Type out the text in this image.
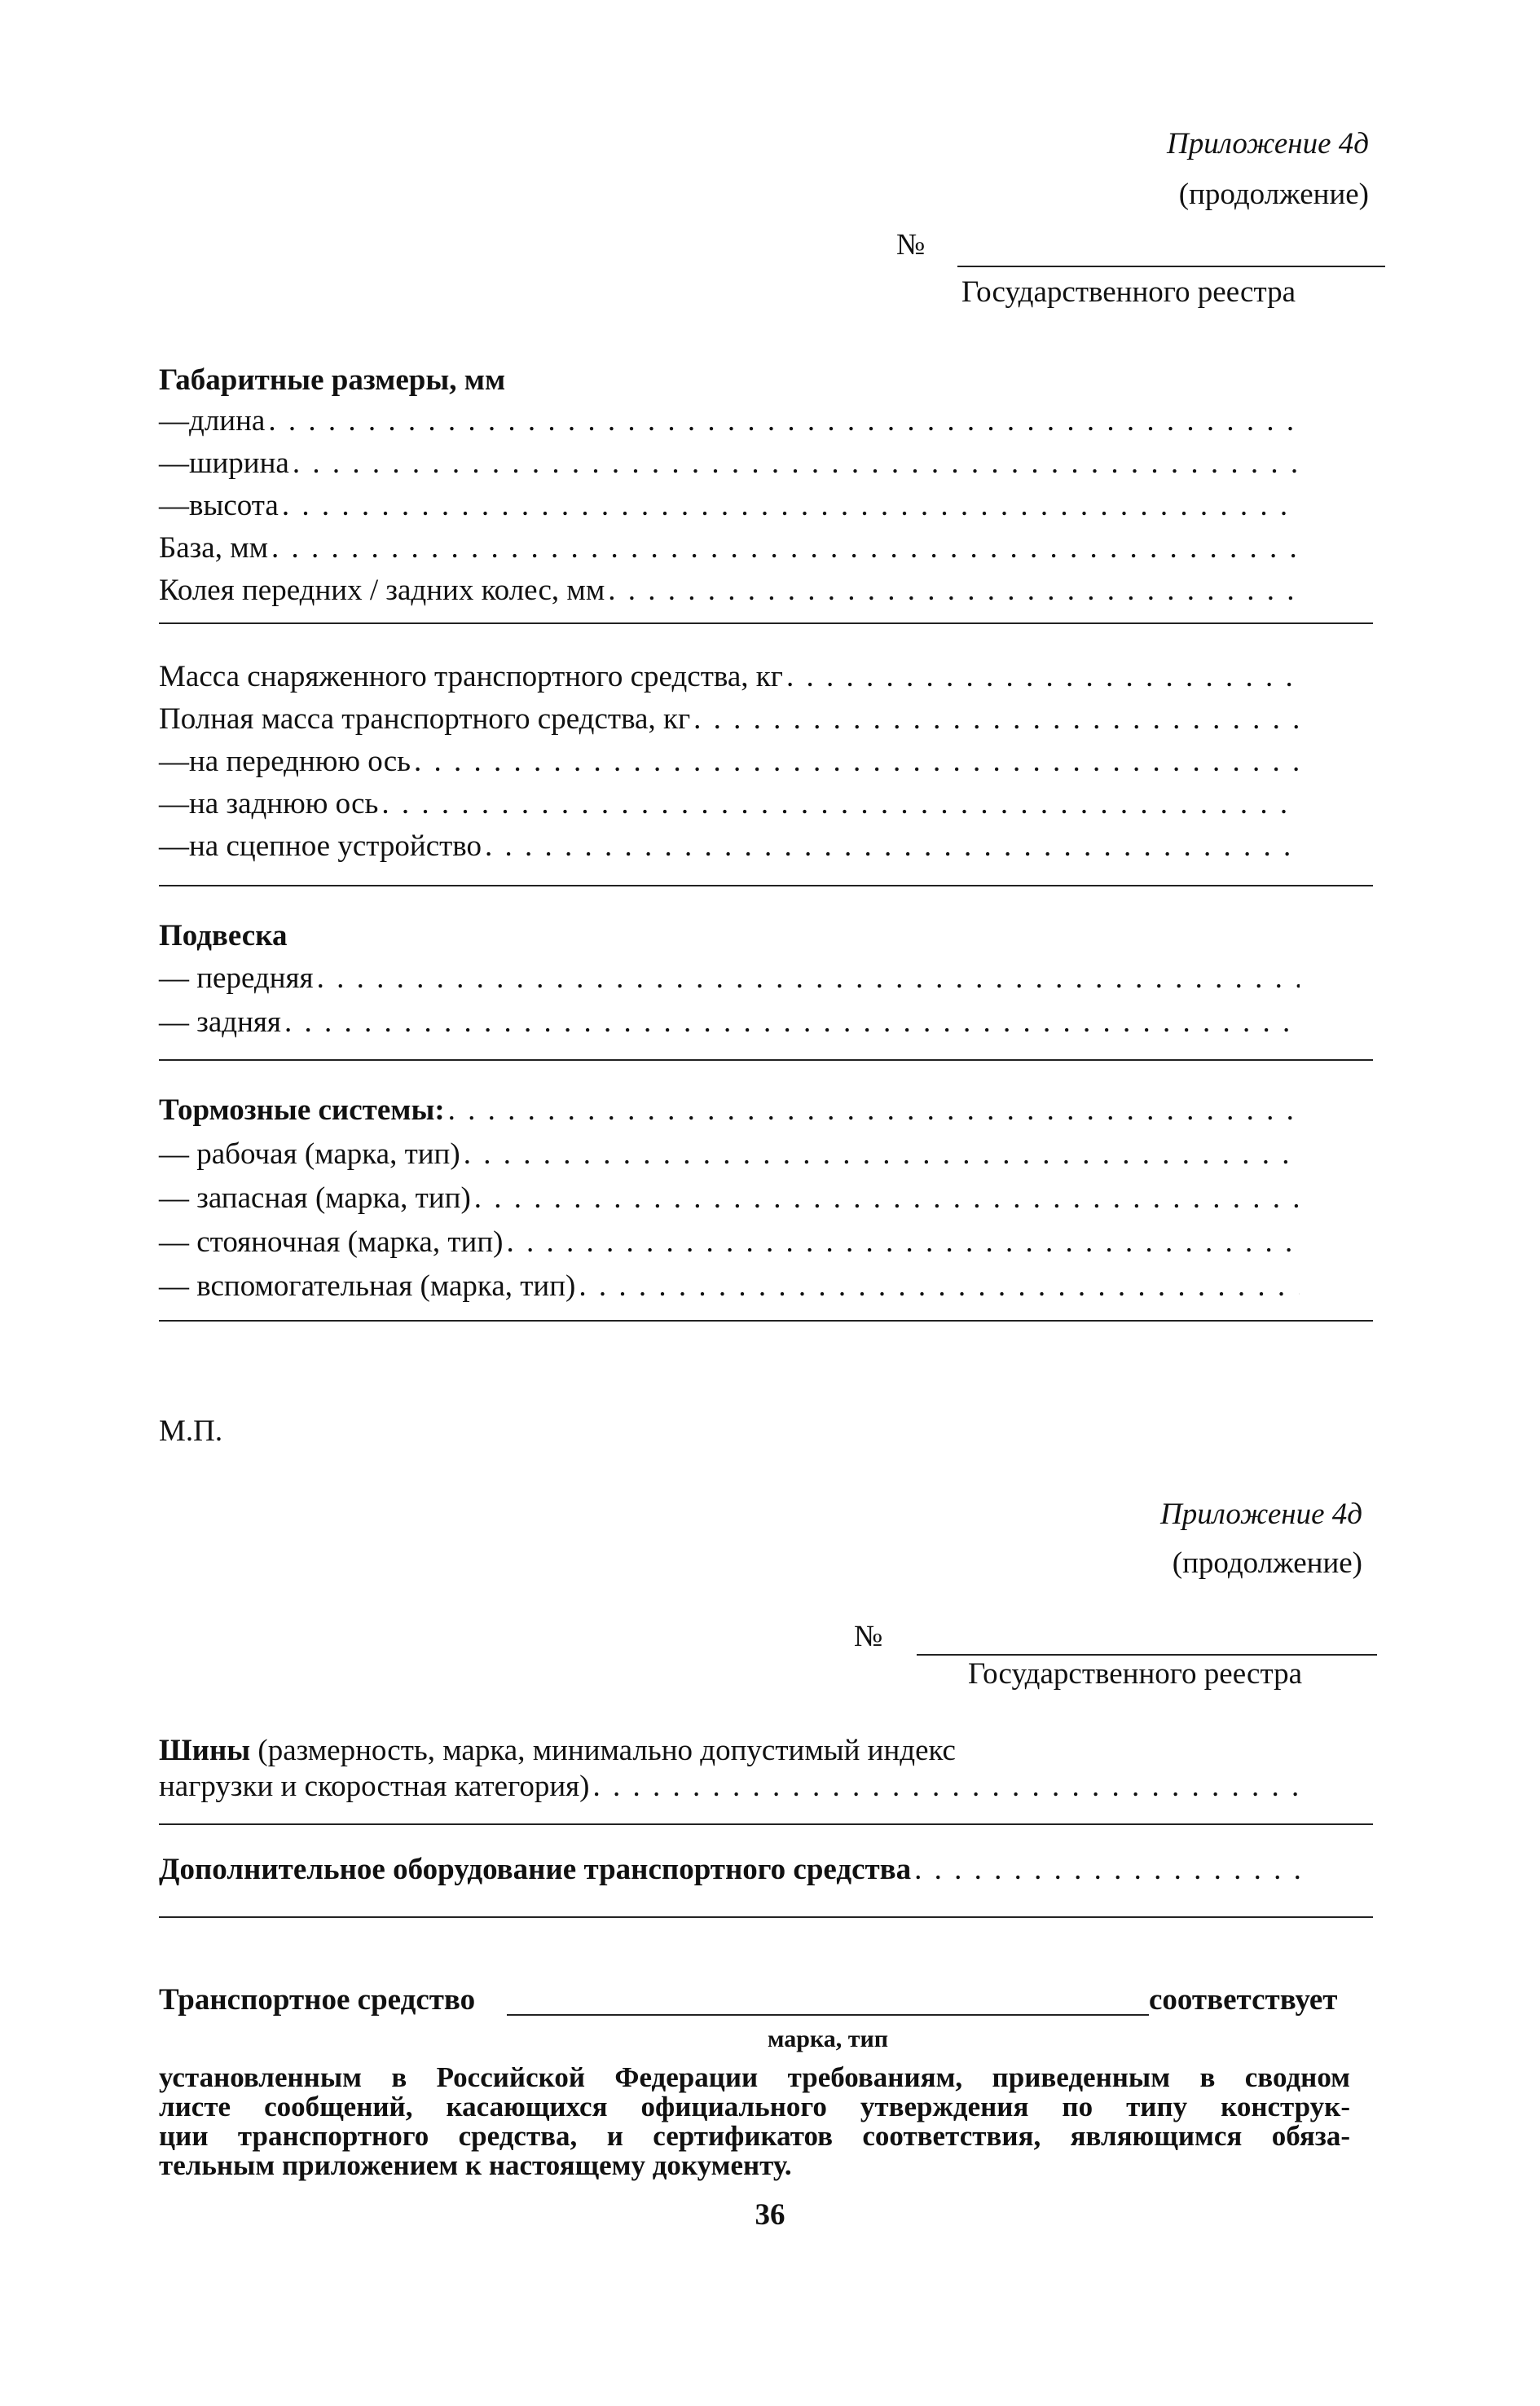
Приложение 4д
(продолжение)
№
Государственного реестра
Габаритные размеры, мм
—длина
. . .
—ширина
. . .
—высота
. . .
База, мм
. . .
Колея передних / задних колес, мм
. . .
Масса снаряженного транспортного средства, кг
. . .
Полная масса транспортного средства, кг
. . .
—на переднюю ось
. . .
—на заднюю ось
. . .
—на сцепное устройство
. . .
Подвеска
— передняя
. . .
— задняя
. . .
Тормозные системы:
. . .
— рабочая (марка, тип)
. . .
— запасная (марка, тип)
. . .
— стояночная (марка, тип)
. . .
— вспомогательная (марка, тип)
. . .
М.П.
Приложение 4д
(продолжение)
№
Государственного реестра
Шины (размерность, марка, минимально допустимый индекс
нагрузки и скоростная категория)
. . .
Дополнительное оборудование транспортного средства
. . .
Транспортное средство	соответствует
марка, тип
установленным в Российской Федерации требованиям, приведенным в сводном
листе сообщений, касающихся официального утверждения по типу конструк-
ции транспортного средства, и сертификатов соответствия, являющимся обяза-
тельным приложением к настоящему документу.
36
